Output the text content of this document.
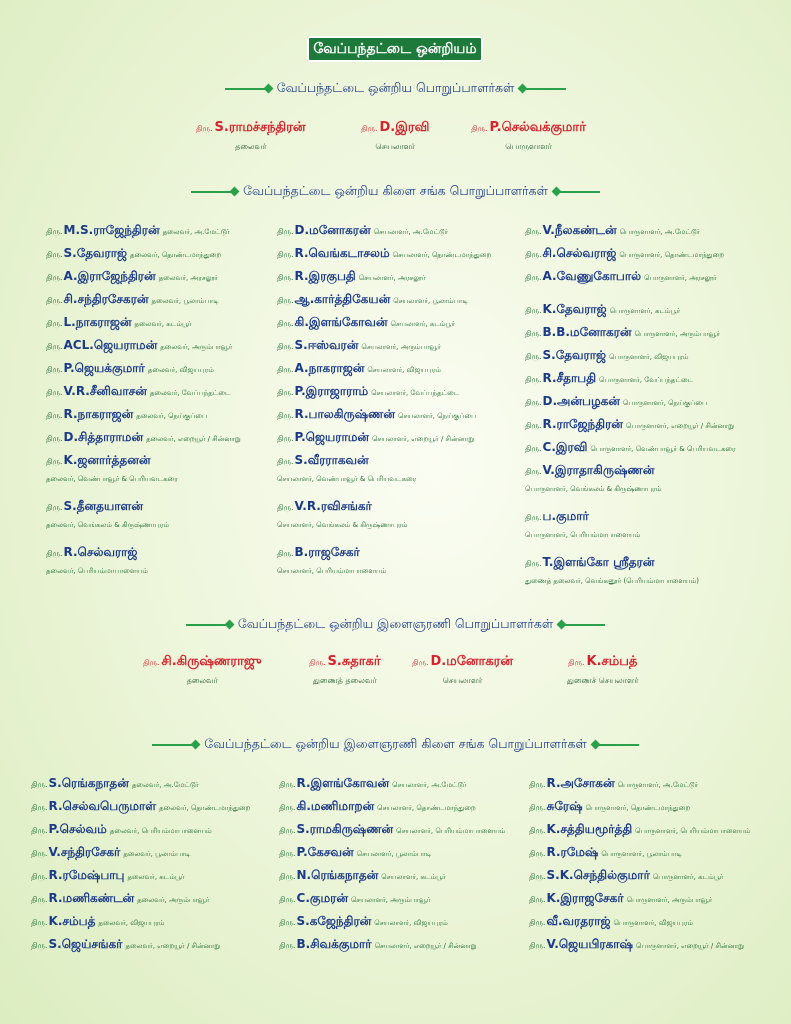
வேப்பந்தட்டை ஒன்றியம்
வேப்பந்தட்டை ஒன்றிய பொறுப்பாளர்கள்
திரு. S.ராமச்சந்திரன்
தலைவர்
திரு. D.இரவி
செயலாளர்
திரு. P.செல்வக்குமார்
பொருளாளர்
வேப்பந்தட்டை ஒன்றிய கிளை சங்க பொறுப்பாளர்கள்
திரு.M.S.ராஜேந்திரன் தலைவர், அ.மேட்டூர்
திரு.S.தேவராஜ் தலைவர், தொண்டமாந்துறை
திரு.A.இராஜேந்திரன் தலைவர், அரசலூர்
திரு.சி.சந்திரசேகரன் தலைவர், பூலாம்பாடி
திரு.L.நாகராஜன் தலைவர், கடம்பூர்
திரு.ACL.ஜெயராமன் தலைவர், அரும்பாவூர்
திரு.P.ஜெயக்குமார் தலைவர், விஜயபுரம்
திரு.V.R.சீனிவாசன் தலைவர், வேப்பந்தட்டை
திரு.R.நாகராஜன் தலைவர், நெய்குப்பை
திரு.D.சித்தாராமன் தலைவர், எறையூர் / சின்னாறு
திரு.K.ஜனார்த்தனன்
தலைவர், வெண்பாவூர் & பெரியவடகரை
திரு.S.தீனதயாளன்
தலைவர், வெங்கலம் & கிருஷ்ணாபுரம்
திரு.R.செல்வராஜ்
தலைவர், பெரியம்மாபாளையம்
திரு.D.மனோகரன் செயலாளர், அ.மேட்டூர்
திரு.R.வெங்கடாசலம் செயலாளர், தொண்டமாந்துறை
திரு.R.இரகுபதி செயலாளர், அரசலூர்
திரு.ஆ.கார்த்திகேயன் செயலாளர், பூலாம்பாடி
திரு.கி.இளங்கோவன் செயலாளர், கடம்பூர்
திரு.S.ஈஸ்வரன் செயலாளர், அரும்பாவூர்
திரு.A.நாகராஜன் செயலாளர், விஜயபுரம்
திரு.P.இராஜாராம் செயலாளர், வேப்பந்தட்டை
திரு.R.பாலகிருஷ்ணன் செயலாளர், நெய்குப்பை
திரு.P.ஜெயராமன் செயலாளர், எறையூர் / சின்னாறு
திரு.S.வீரராகவன்
செயலாளர், வெண்பாவூர் & பெரியவடகரை
திரு.V.R.ரவிசங்கர்
செயலாளர், வெங்கலம் & கிருஷ்ணாபுரம்
திரு.B.ராஜசேகர்
செயலாளர், பெரியம்மாபாளையம்
திரு.V.நீலகண்டன் பொருளாளர், அ.மேட்டூர்
திரு.சி.செல்வராஜ் பொருளாளர், தொண்டமாந்துறை
திரு.A.வேணுகோபால் பொருளாளர், அரசலூர்
திரு.K.தேவராஜ் பொருளாளர், கடம்பூர்
திரு.B.B.மனோகரன் பொருளாளர், அரும்பாவூர்
திரு.S.தேவராஜ் பொருளாளர், விஜயபுரம்
திரு.R.சீதாபதி பொருளாளர், வேப்பந்தட்டை
திரு.D.அன்பழகன் பொருளாளர், நெய்குப்பை
திரு.R.ராஜேந்திரன் பொருளாளர், எறையூர் / சின்னாறு
திரு.C.இரவி பொருளாளர், வெண்பாவூர் & பெரியவடகரை
திரு.V.இராதாகிருஷ்ணன்
பொருளாளர், வெங்கலம் & கிருஷ்ணாபுரம்
திரு.ப.குமார்
பொருளாளர், பெரியம்மாபாளையம்
திரு.T.இளங்கோ ஸ்ரீதரன்
துணைத் தலைவர், வெங்கனூர் (பெரியம்மாபாளையம்)
வேப்பந்தட்டை ஒன்றிய இளைஞரணி பொறுப்பாளர்கள்
திரு. சி.கிருஷ்ணராஜு
தலைவர்
திரு. S.சுதாகர்
துணைத் தலைவர்
திரு. D.மனோகரன்
செயலாளர்
திரு. K.சம்பத்
துணைச் செயலாளர்
வேப்பந்தட்டை ஒன்றிய இளைஞரணி கிளை சங்க பொறுப்பாளர்கள்
திரு.S.ரெங்கநாதன் தலைவர், அ.மேட்டூர்
திரு.R.செல்வபெருமாள் தலைவர், தொண்டமாந்துறை
திரு.P.செல்வம் தலைவர், பெரியம்மாபாளையம்
திரு.V.சந்திரசேகர் தலைவர், பூலாம்பாடி
திரு.R.ரமேஷ்பாபு தலைவர், கடம்பூர்
திரு.R.மணிகண்டன் தலைவர், அரும்பாவூர்
திரு.K.சம்பத் தலைவர், விஜயபுரம்
திரு.S.ஜெய்சங்கர் தலைவர், எறையூர் / சின்னாறு
திரு.R.இளங்கோவன் செயலாளர், அ.மேட்டூர்
திரு.கி.மணிமாறன் செயலாளர், தொண்டமாந்துறை
திரு.S.ராமகிருஷ்ணன் செயலாளர், பெரியம்மாபாளையம்
திரு.P.கேசவன் செயலாளர், பூலாம்பாடி
திரு.N.ரெங்கநாதன் செயலாளர், கடம்பூர்
திரு.C.குமரன் செயலாளர், அரும்பாவூர்
திரு.S.கஜேந்திரன் செயலாளர், விஜயபுரம்
திரு.B.சிவக்குமார் செயலாளர், எறையூர் / சின்னாறு
திரு.R.அசோகன் பொருளாளர், அ.மேட்டூர்
திரு.சுரேஷ் பொருளாளர், தொண்டமாந்துறை
திரு.K.சத்தியமூர்த்தி பொருளாளர், பெரியம்மாபாளையம்
திரு.R.ரமேஷ் பொருளாளர், பூலாம்பாடி
திரு.S.K.செந்தில்குமார் பொருளாளர், கடம்பூர்
திரு.K.இராஜசேகர் பொருளாளர், அரும்பாவூர்
திரு.வீ.வரதராஜ் பொருளாளர், விஜயபுரம்
திரு.V.ஜெயபிரகாஷ் பொருளாளர், எறையூர் / சின்னாறு
